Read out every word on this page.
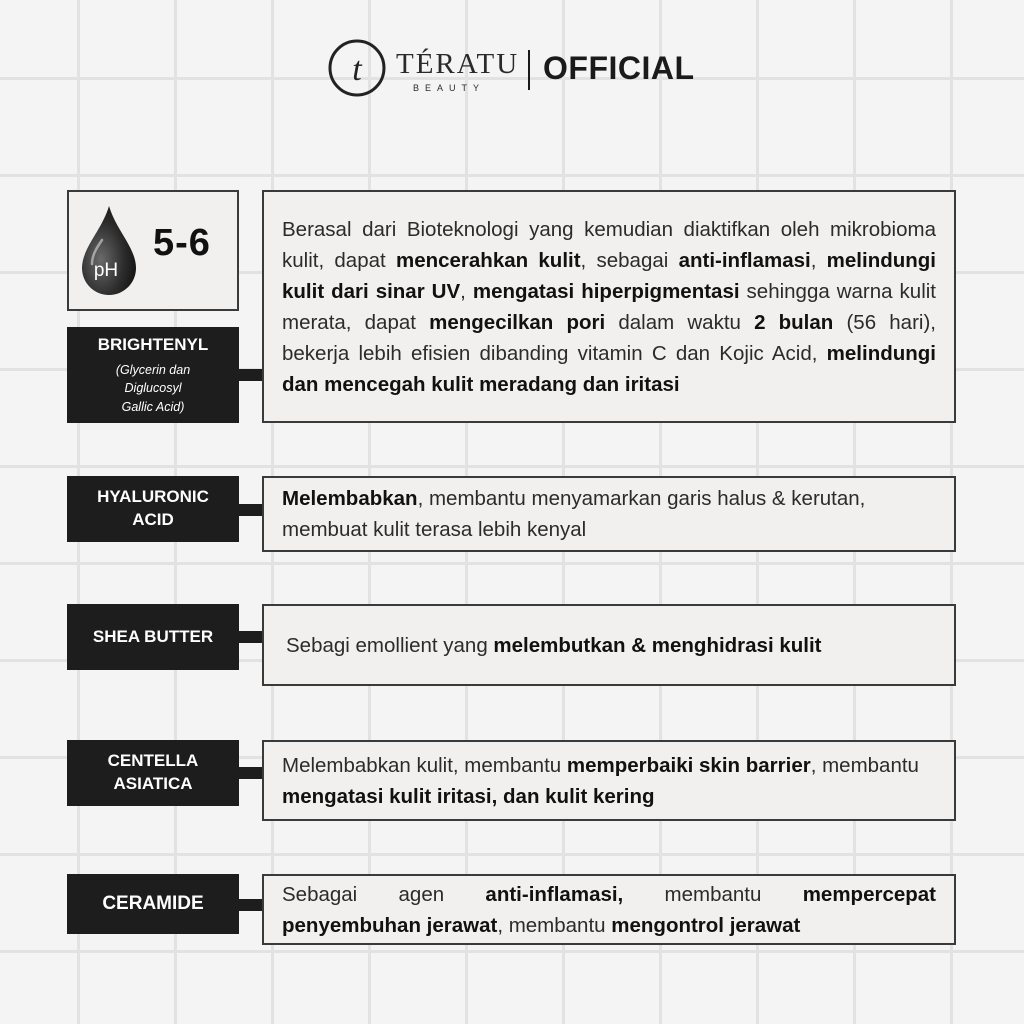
t TÉRATU
BEAUTY
OFFICIAL
pH
5-6
BRIGHTENYL
(Glycerin dan
Diglucosyl
Gallic Acid)

Berasal dari Bioteknologi yang kemudian diaktifkan oleh mikrobioma kulit, dapat mencerahkan kulit, sebagai anti-inflamasi, melindungi kulit dari sinar UV, mengatasi hiperpigmentasi sehingga warna kulit merata, dapat mengecilkan pori dalam waktu 2 bulan (56 hari), bekerja lebih efisien dibanding vitamin C dan Kojic Acid, melindungi dan mencegah kulit meradang dan iritasi

HYALURONIC ACID

Melembabkan, membantu menyamarkan garis halus & kerutan, membuat kulit terasa lebih kenyal

SHEA BUTTER	Sebagi emollient yang melembutkan & menghidrasi kulit

CENTELLA ASIATICA

Melembabkan kulit, membantu memperbaiki skin barrier, membantu mengatasi kulit iritasi, dan kulit kering

CERAMIDE	Sebagai agen anti-inflamasi, membantu mempercepat penyembuhan jerawat, membantu mengontrol jerawat
